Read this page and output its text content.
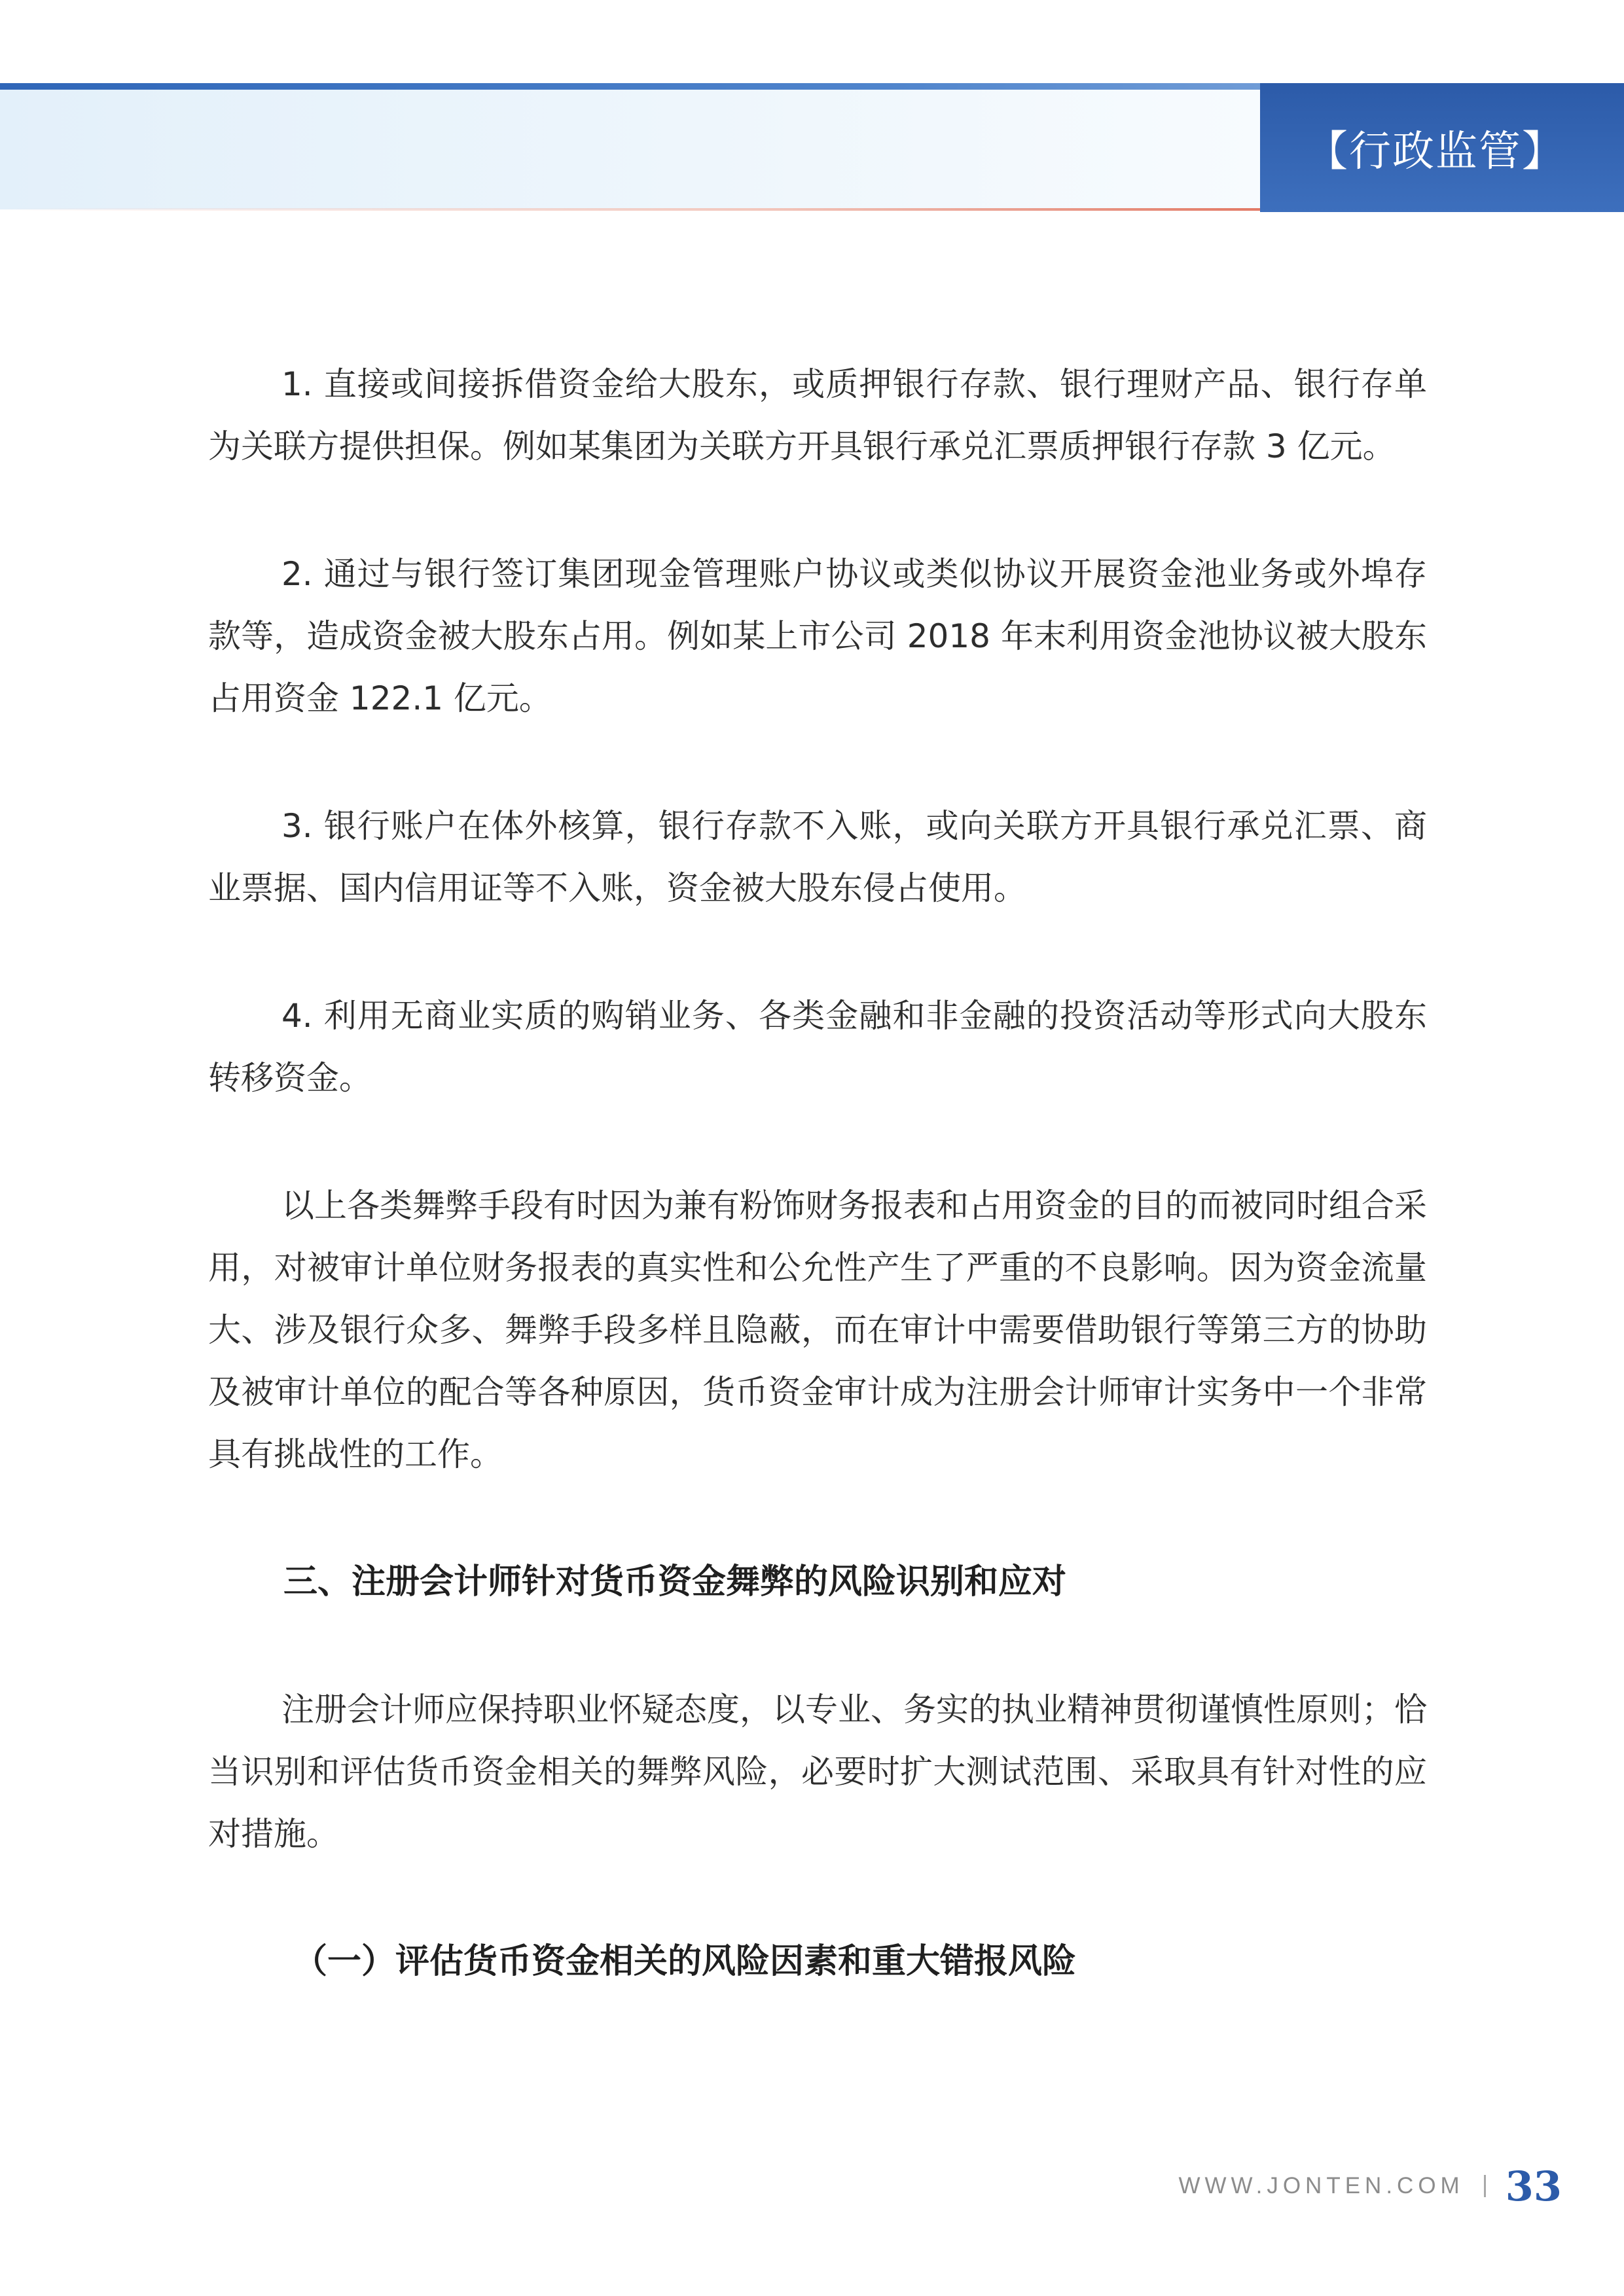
【行政监管】

1. 直接或间接拆借资金给大股东，或质押银行存款、银行理财产品、银行存单为关联方提供担保。例如某集团为关联方开具银行承兑汇票质押银行存款 3 亿元。

2. 通过与银行签订集团现金管理账户协议或类似协议开展资金池业务或外埠存款等，造成资金被大股东占用。例如某上市公司 2018 年末利用资金池协议被大股东占用资金 122.1 亿元。

3. 银行账户在体外核算，银行存款不入账，或向关联方开具银行承兑汇票、商业票据、国内信用证等不入账，资金被大股东侵占使用。

4. 利用无商业实质的购销业务、各类金融和非金融的投资活动等形式向大股东转移资金。

以上各类舞弊手段有时因为兼有粉饰财务报表和占用资金的目的而被同时组合采用，对被审计单位财务报表的真实性和公允性产生了严重的不良影响。因为资金流量大、涉及银行众多、舞弊手段多样且隐蔽，而在审计中需要借助银行等第三方的协助及被审计单位的配合等各种原因，货币资金审计成为注册会计师审计实务中一个非常具有挑战性的工作。

三、注册会计师针对货币资金舞弊的风险识别和应对

注册会计师应保持职业怀疑态度，以专业、务实的执业精神贯彻谨慎性原则；恰当识别和评估货币资金相关的舞弊风险，必要时扩大测试范围、采取具有针对性的应对措施。

（一）评估货币资金相关的风险因素和重大错报风险
WWW.JONTEN.COM 33
